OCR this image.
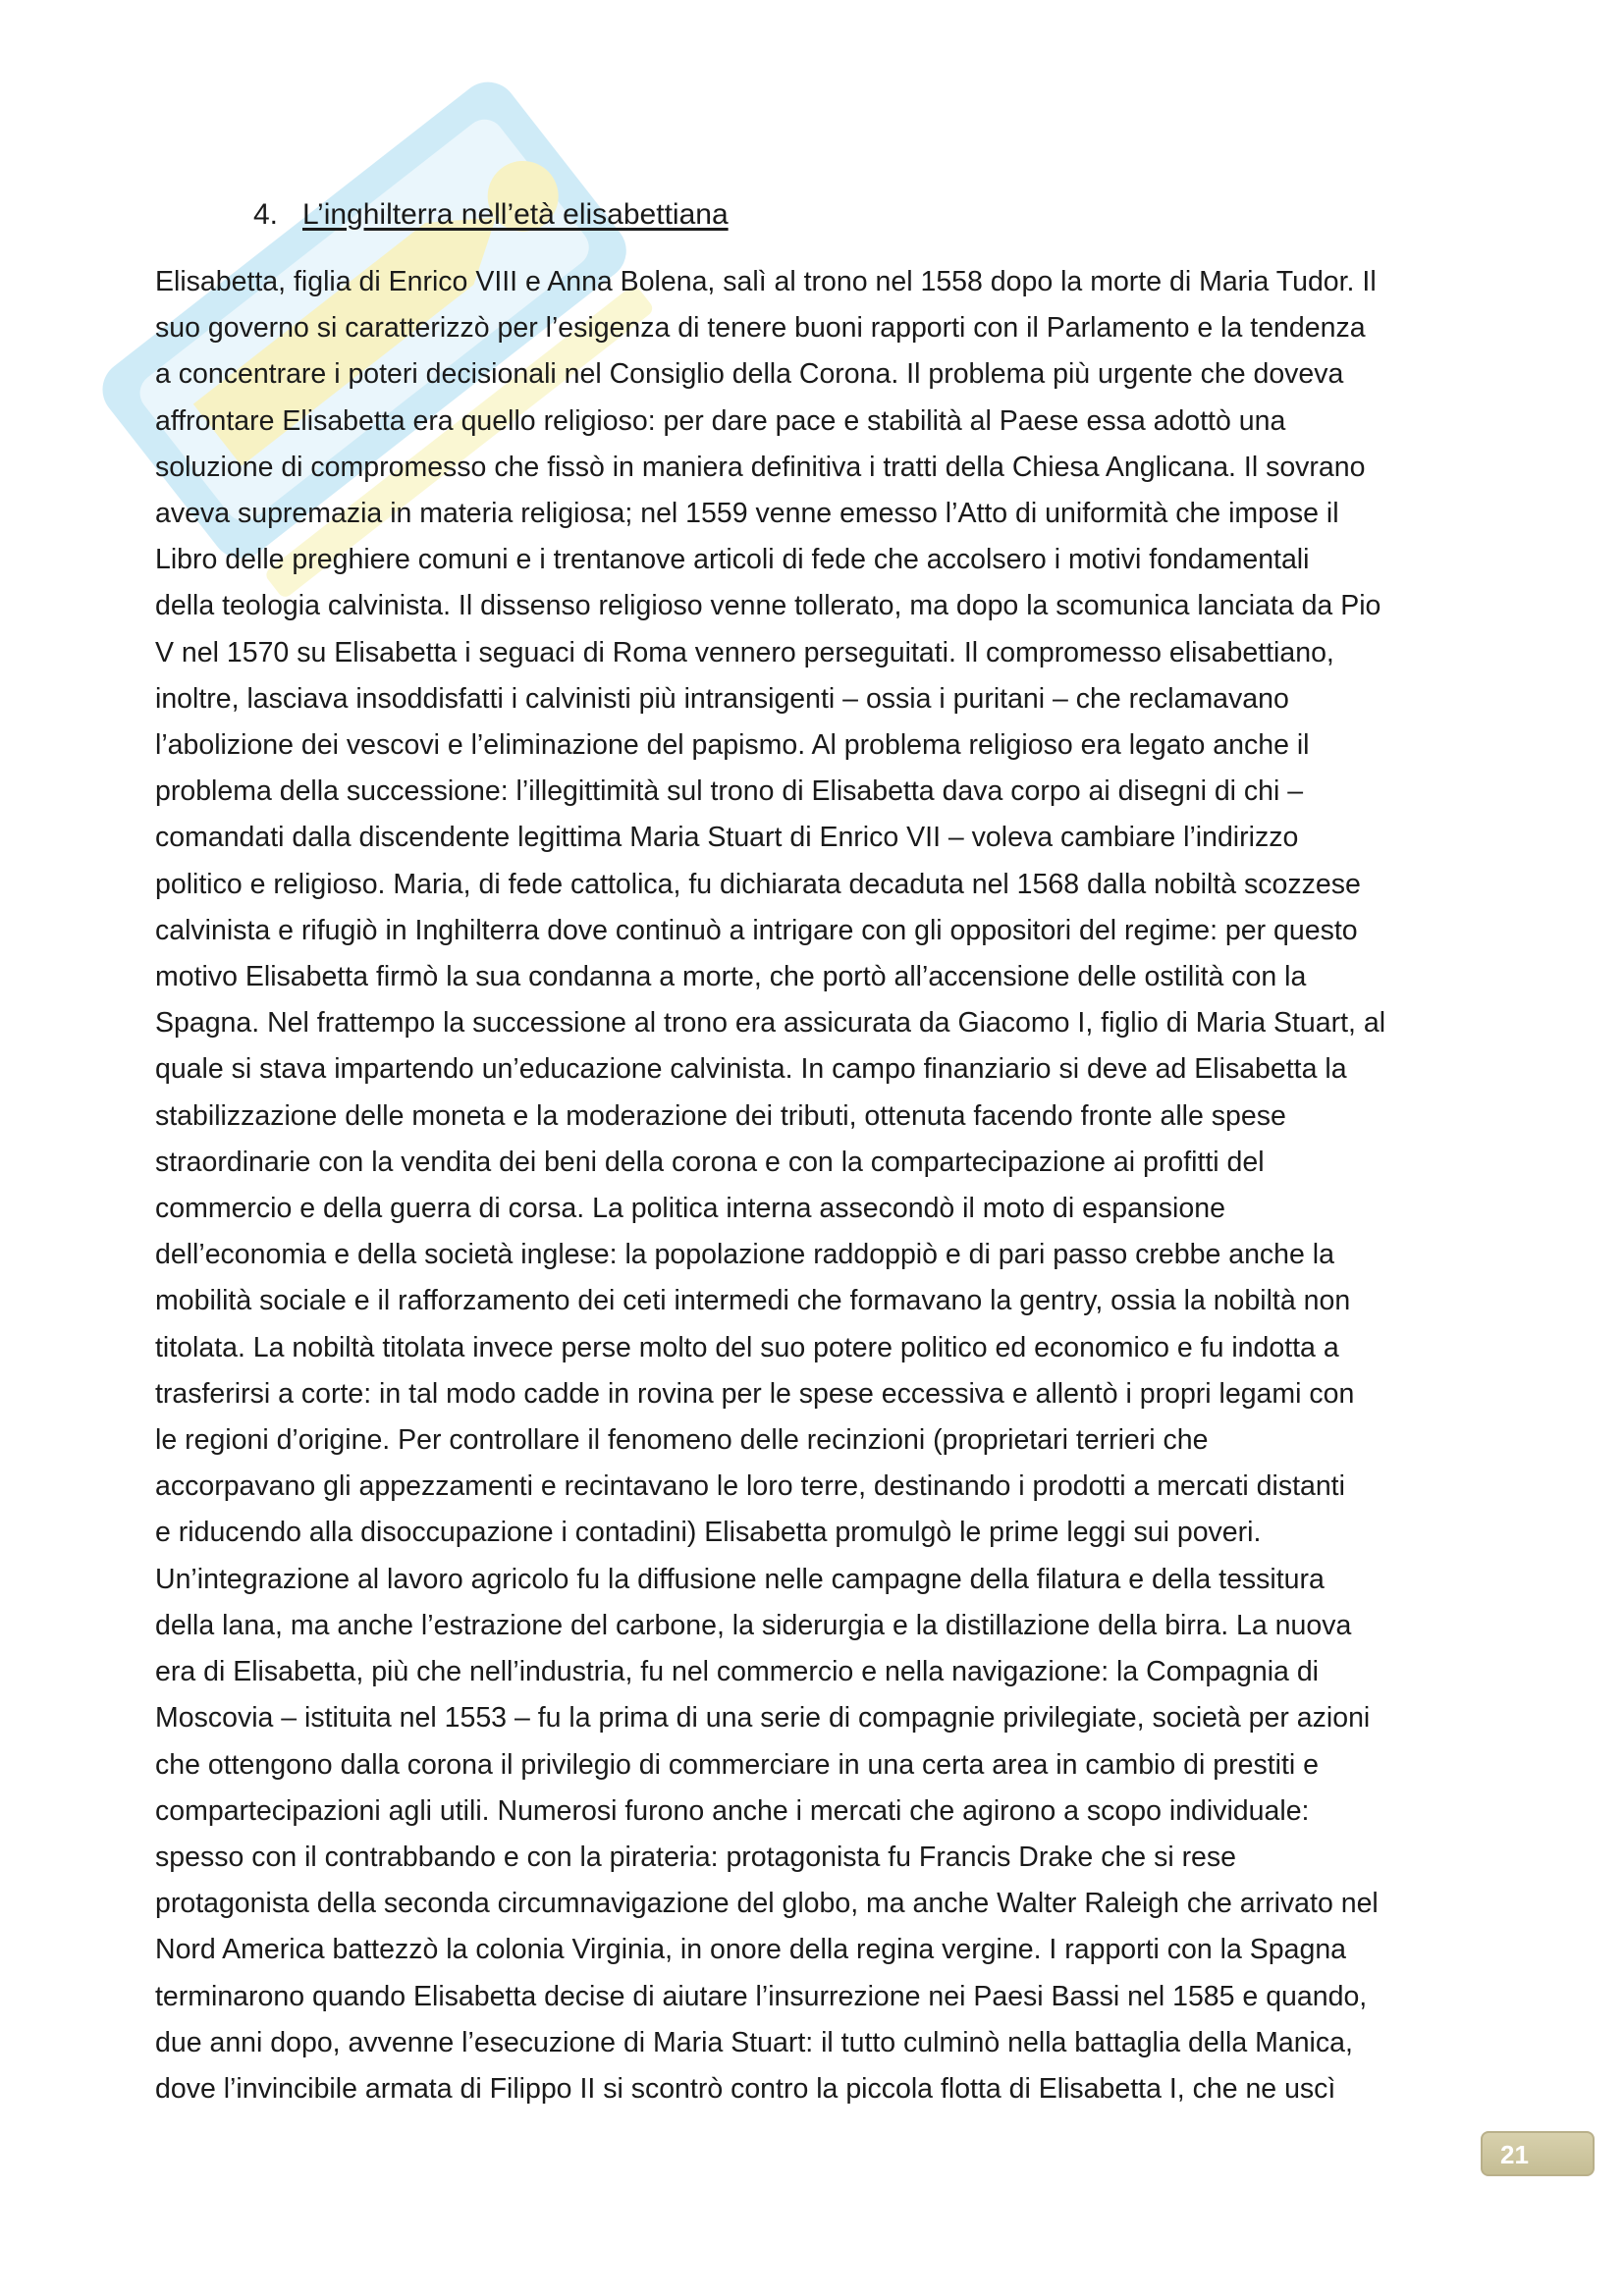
4. L’inghilterra nell’età elisabettiana
Elisabetta, figlia di Enrico VIII e Anna Bolena, salì al trono nel 1558 dopo la morte di Maria Tudor. Il
suo governo si caratterizzò per l’esigenza di tenere buoni rapporti con il Parlamento e la tendenza
a concentrare i poteri decisionali nel Consiglio della Corona. Il problema più urgente che doveva
affrontare Elisabetta era quello religioso: per dare pace e stabilità al Paese essa adottò una
soluzione di compromesso che fissò in maniera definitiva i tratti della Chiesa Anglicana. Il sovrano
aveva supremazia in materia religiosa; nel 1559 venne emesso l’Atto di uniformità che impose il
Libro delle preghiere comuni e i trentanove articoli di fede che accolsero i motivi fondamentali
della teologia calvinista. Il dissenso religioso venne tollerato, ma dopo la scomunica lanciata da Pio
V nel 1570 su Elisabetta i seguaci di Roma vennero perseguitati. Il compromesso elisabettiano,
inoltre, lasciava insoddisfatti i calvinisti più intransigenti – ossia i puritani – che reclamavano
l’abolizione dei vescovi e l’eliminazione del papismo. Al problema religioso era legato anche il
problema della successione: l’illegittimità sul trono di Elisabetta dava corpo ai disegni di chi –
comandati dalla discendente legittima Maria Stuart di Enrico VII – voleva cambiare l’indirizzo
politico e religioso. Maria, di fede cattolica, fu dichiarata decaduta nel 1568 dalla nobiltà scozzese
calvinista e rifugiò in Inghilterra dove continuò a intrigare con gli oppositori del regime: per questo
motivo Elisabetta firmò la sua condanna a morte, che portò all’accensione delle ostilità con la
Spagna. Nel frattempo la successione al trono era assicurata da Giacomo I, figlio di Maria Stuart, al
quale si stava impartendo un’educazione calvinista. In campo finanziario si deve ad Elisabetta la
stabilizzazione delle moneta e la moderazione dei tributi, ottenuta facendo fronte alle spese
straordinarie con la vendita dei beni della corona e con la compartecipazione ai profitti del
commercio e della guerra di corsa. La politica interna assecondò il moto di espansione
dell’economia e della società inglese: la popolazione raddoppiò e di pari passo crebbe anche la
mobilità sociale e il rafforzamento dei ceti intermedi che formavano la gentry, ossia la nobiltà non
titolata. La nobiltà titolata invece perse molto del suo potere politico ed economico e fu indotta a
trasferirsi a corte: in tal modo cadde in rovina per le spese eccessiva e allentò i propri legami con
le regioni d’origine. Per controllare il fenomeno delle recinzioni (proprietari terrieri che
accorpavano gli appezzamenti e recintavano le loro terre, destinando i prodotti a mercati distanti
e riducendo alla disoccupazione i contadini) Elisabetta promulgò le prime leggi sui poveri.
Un’integrazione al lavoro agricolo fu la diffusione nelle campagne della filatura e della tessitura
della lana, ma anche l’estrazione del carbone, la siderurgia e la distillazione della birra. La nuova
era di Elisabetta, più che nell’industria, fu nel commercio e nella navigazione: la Compagnia di
Moscovia – istituita nel 1553 – fu la prima di una serie di compagnie privilegiate, società per azioni
che ottengono dalla corona il privilegio di commerciare in una certa area in cambio di prestiti e
compartecipazioni agli utili. Numerosi furono anche i mercati che agirono a scopo individuale:
spesso con il contrabbando e con la pirateria: protagonista fu Francis Drake che si rese
protagonista della seconda circumnavigazione del globo, ma anche Walter Raleigh che arrivato nel
Nord America battezzò la colonia Virginia, in onore della regina vergine. I rapporti con la Spagna
terminarono quando Elisabetta decise di aiutare l’insurrezione nei Paesi Bassi nel 1585 e quando,
due anni dopo, avvenne l’esecuzione di Maria Stuart: il tutto culminò nella battaglia della Manica,
dove l’invincibile armata di Filippo II si scontrò contro la piccola flotta di Elisabetta I, che ne uscì
21
